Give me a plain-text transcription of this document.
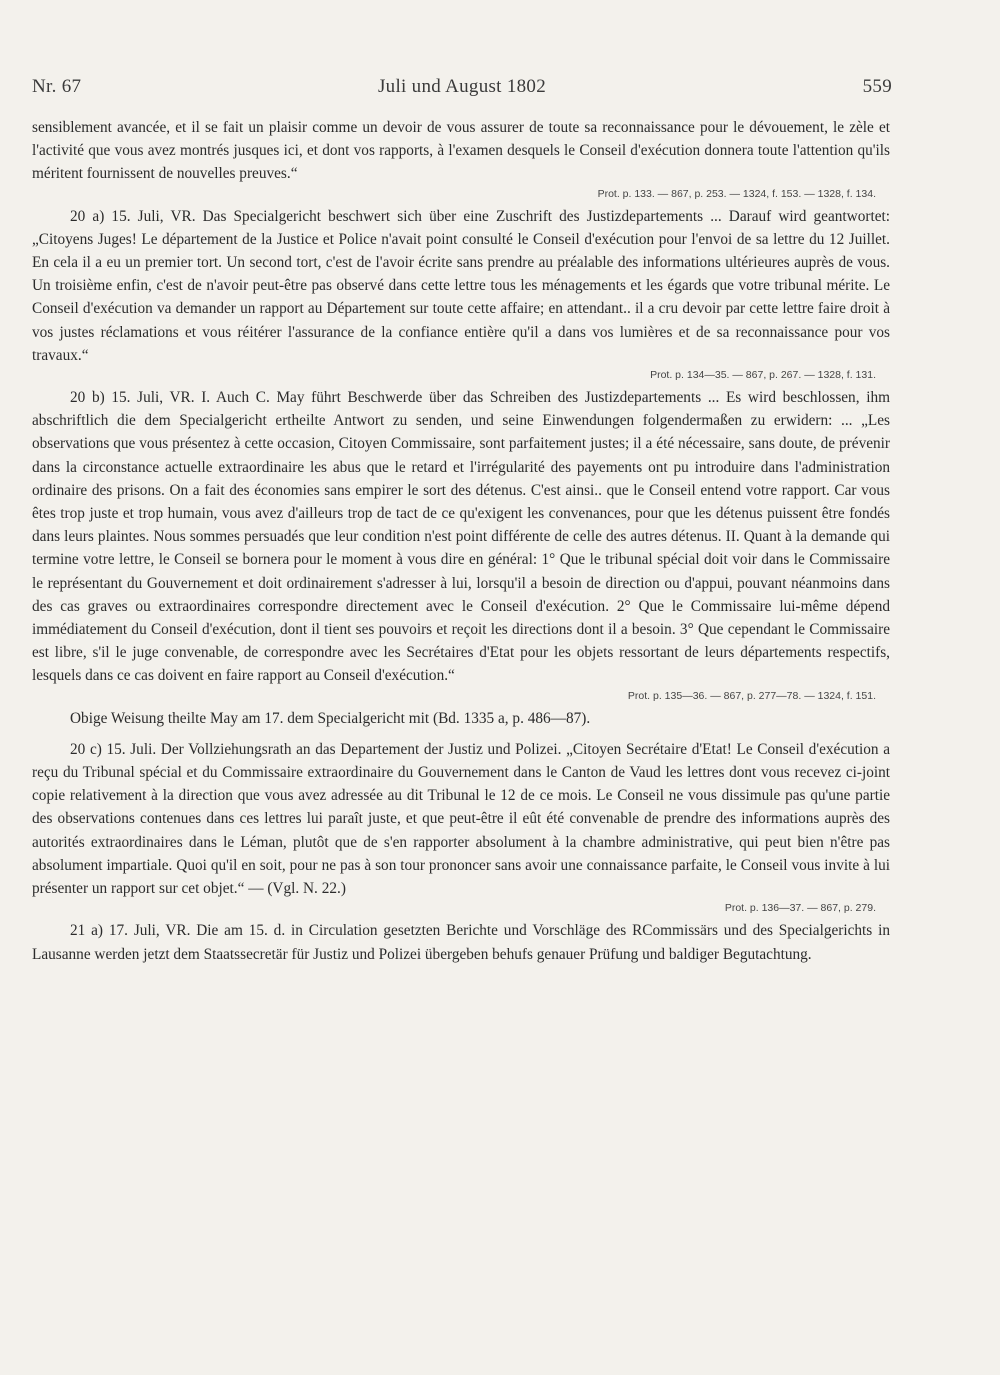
Nr. 67	Juli und August 1802	559

sensiblement avancée, et il se fait un plaisir comme un devoir de vous assurer de toute sa reconnaissance pour le dévouement, le zèle et l'activité que vous avez montrés jusques ici, et dont vos rapports, à l'examen desquels le Conseil d'exécution donnera toute l'attention qu'ils méritent fournissent de nouvelles preuves.“

Prot. p. 133. — 867, p. 253. — 1324, f. 153. — 1328, f. 134.

20 a) 15. Juli, VR. Das Specialgericht beschwert sich über eine Zuschrift des Justizdepartements ... Darauf wird geantwortet: „Citoyens Juges! Le département de la Justice et Police n'avait point consulté le Conseil d'exécution pour l'envoi de sa lettre du 12 Juillet. En cela il a eu un premier tort. Un second tort, c'est de l'avoir écrite sans prendre au préalable des informations ultérieures auprès de vous. Un troisième enfin, c'est de n'avoir peut-être pas observé dans cette lettre tous les ménagements et les égards que votre tribunal mérite. Le Conseil d'exécution va demander un rapport au Département sur toute cette affaire; en attendant.. il a cru devoir par cette lettre faire droit à vos justes réclamations et vous réitérer l'assurance de la confiance entière qu'il a dans vos lumières et de sa reconnaissance pour vos travaux.“

Prot. p. 134—35. — 867, p. 267. — 1328, f. 131.

20 b) 15. Juli, VR. I. Auch C. May führt Beschwerde über das Schreiben des Justizdepartements ... Es wird beschlossen, ihm abschriftlich die dem Specialgericht ertheilte Antwort zu senden, und seine Einwendungen folgendermaßen zu erwidern: ... „Les observations que vous présentez à cette occasion, Citoyen Commissaire, sont parfaitement justes; il a été nécessaire, sans doute, de prévenir dans la circonstance actuelle extraordinaire les abus que le retard et l'irrégularité des payements ont pu introduire dans l'administration ordinaire des prisons. On a fait des économies sans empirer le sort des détenus. C'est ainsi.. que le Conseil entend votre rapport. Car vous êtes trop juste et trop humain, vous avez d'ailleurs trop de tact de ce qu'exigent les convenances, pour que les détenus puissent être fondés dans leurs plaintes. Nous sommes persuadés que leur condition n'est point différente de celle des autres détenus. II. Quant à la demande qui termine votre lettre, le Conseil se bornera pour le moment à vous dire en général: 1° Que le tribunal spécial doit voir dans le Commissaire le représentant du Gouvernement et doit ordinairement s'adresser à lui, lorsqu'il a besoin de direction ou d'appui, pouvant néanmoins dans des cas graves ou extraordinaires correspondre directement avec le Conseil d'exécution. 2° Que le Commissaire lui-même dépend immédiatement du Conseil d'exécution, dont il tient ses pouvoirs et reçoit les directions dont il a besoin. 3° Que cependant le Commissaire est libre, s'il le juge convenable, de correspondre avec les Secrétaires d'Etat pour les objets ressortant de leurs départements respectifs, lesquels dans ce cas doivent en faire rapport au Conseil d'exécution.“

Prot. p. 135—36. — 867, p. 277—78. — 1324, f. 151.

Obige Weisung theilte May am 17. dem Specialgericht mit (Bd. 1335 a, p. 486—87).

20 c) 15. Juli. Der Vollziehungsrath an das Departement der Justiz und Polizei. „Citoyen Secrétaire d'Etat! Le Conseil d'exécution a reçu du Tribunal spécial et du Commissaire extraordinaire du Gouvernement dans le Canton de Vaud les lettres dont vous recevez ci-joint copie relativement à la direction que vous avez adressée au dit Tribunal le 12 de ce mois. Le Conseil ne vous dissimule pas qu'une partie des observations contenues dans ces lettres lui paraît juste, et que peut-être il eût été convenable de prendre des informations auprès des autorités extraordinaires dans le Léman, plutôt que de s'en rapporter absolument à la chambre administrative, qui peut bien n'être pas absolument impartiale. Quoi qu'il en soit, pour ne pas à son tour prononcer sans avoir une connaissance parfaite, le Conseil vous invite à lui présenter un rapport sur cet objet.“ — (Vgl. N. 22.)

Prot. p. 136—37. — 867, p. 279.

21 a) 17. Juli, VR. Die am 15. d. in Circulation gesetzten Berichte und Vorschläge des RCommissärs und des Specialgerichts in Lausanne werden jetzt dem Staatssecretär für Justiz und Polizei übergeben behufs genauer Prüfung und baldiger Begutachtung.
